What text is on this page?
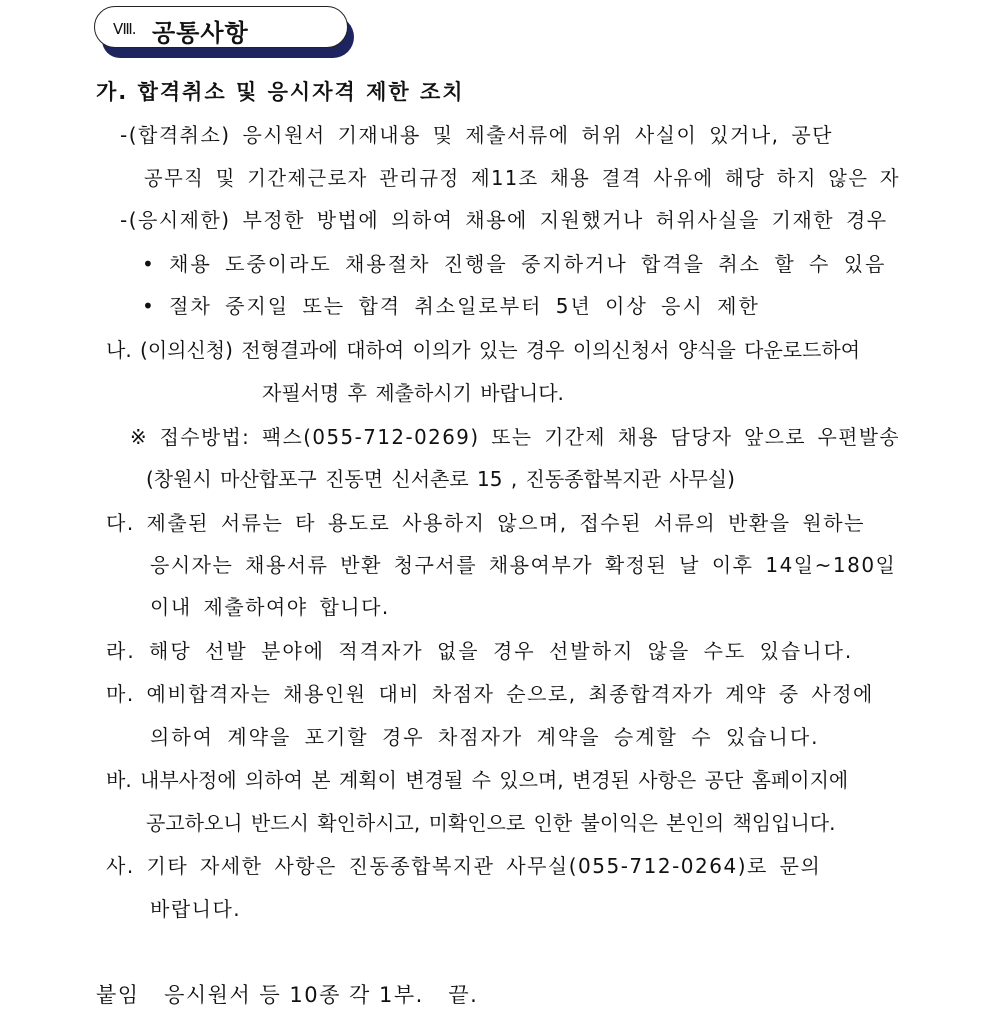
Ⅷ. 공통사항
가. 합격취소 및 응시자격 제한 조치
-(합격취소) 응시원서 기재내용 및 제출서류에 허위 사실이 있거나, 공단
공무직 및 기간제근로자 관리규정 제11조 채용 결격 사유에 해당 하지 않은 자
-(응시제한) 부정한 방법에 의하여 채용에 지원했거나 허위사실을 기재한 경우
• 채용 도중이라도 채용절차 진행을 중지하거나 합격을 취소 할 수 있음
• 절차 중지일 또는 합격 취소일로부터 5년 이상 응시 제한
나. (이의신청) 전형결과에 대하여 이의가 있는 경우 이의신청서 양식을 다운로드하여
자필서명 후 제출하시기 바랍니다.
※ 접수방법: 팩스(055-712-0269) 또는 기간제 채용 담당자 앞으로 우편발송
(창원시 마산합포구 진동면 신서촌로 15 , 진동종합복지관 사무실)
다. 제출된 서류는 타 용도로 사용하지 않으며, 접수된 서류의 반환을 원하는
응시자는 채용서류 반환 청구서를 채용여부가 확정된 날 이후 14일~180일
이내 제출하여야 합니다.
라. 해당 선발 분야에 적격자가 없을 경우 선발하지 않을 수도 있습니다.
마. 예비합격자는 채용인원 대비 차점자 순으로, 최종합격자가 계약 중 사정에
의하여 계약을 포기할 경우 차점자가 계약을 승계할 수 있습니다.
바. 내부사정에 의하여 본 계획이 변경될 수 있으며, 변경된 사항은 공단 홈페이지에
공고하오니 반드시 확인하시고, 미확인으로 인한 불이익은 본인의 책임입니다.
사. 기타 자세한 사항은 진동종합복지관 사무실(055-712-0264)로 문의
바랍니다.
붙임   응시원서 등 10종 각 1부.   끝.
